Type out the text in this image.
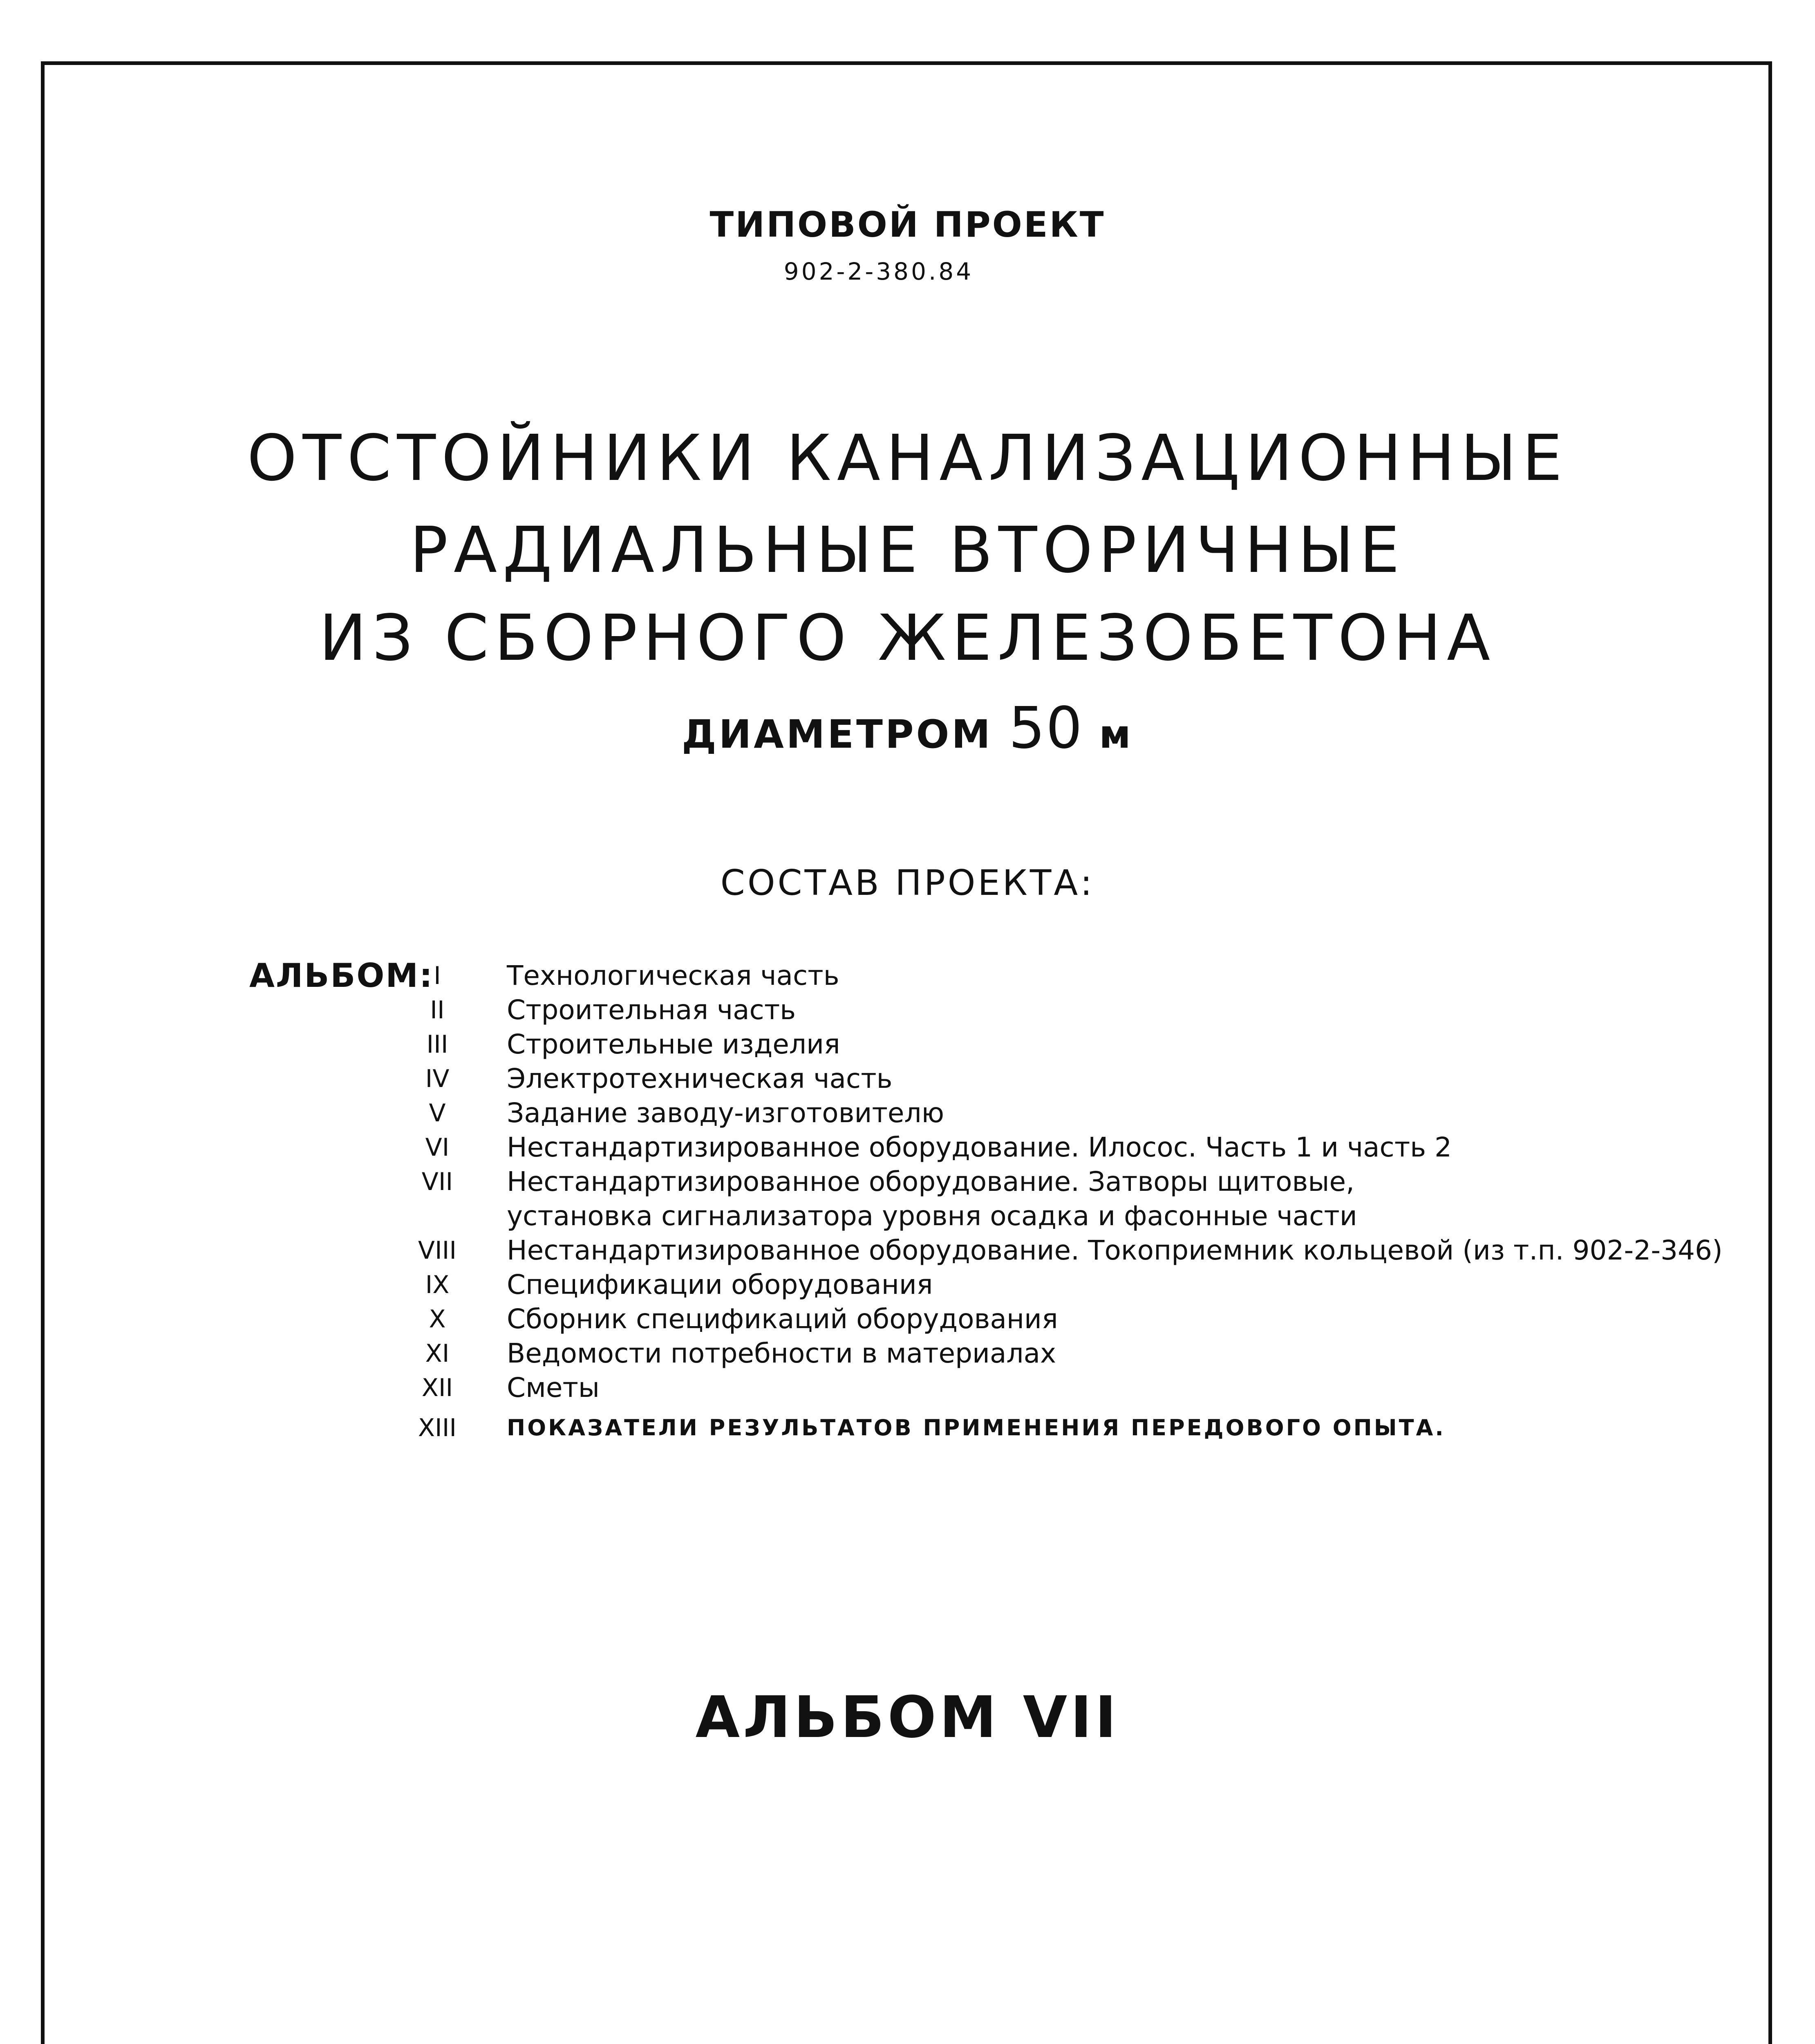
ТИПОВОЙ ПРОЕКТ
902-2-380.84
ОТСТОЙНИКИ КАНАЛИЗАЦИОННЫЕ
РАДИАЛЬНЫЕ ВТОРИЧНЫЕ
ИЗ СБОРНОГО ЖЕЛЕЗОБЕТОНА
ДИАМЕТРОМ 50 м
СОСТАВ ПРОЕКТА:
АЛЬБОМ: I	Технологическая часть
II	Строительная часть
III	Строительные изделия
IV	Электротехническая часть
V	Задание заводу-изготовителю
VI	Нестандартизированное оборудование. Илосос. Часть 1 и часть 2
VII	Нестандартизированное оборудование. Затворы щитовые,
установка сигнализатора уровня осадка и фасонные части
VIII Нестандартизированное оборудование. Токоприемник кольцевой (из т.п. 902-2-346)
IX	Спецификации оборудования
X	Сборник спецификаций оборудования
XI	Ведомости потребности в материалах
XII	Сметы
XIII ПОКАЗАТЕЛИ РЕЗУЛЬТАТОВ ПРИМЕНЕНИЯ ПЕРЕДОВОГО ОПЫТА.
АЛЬБОМ VII
